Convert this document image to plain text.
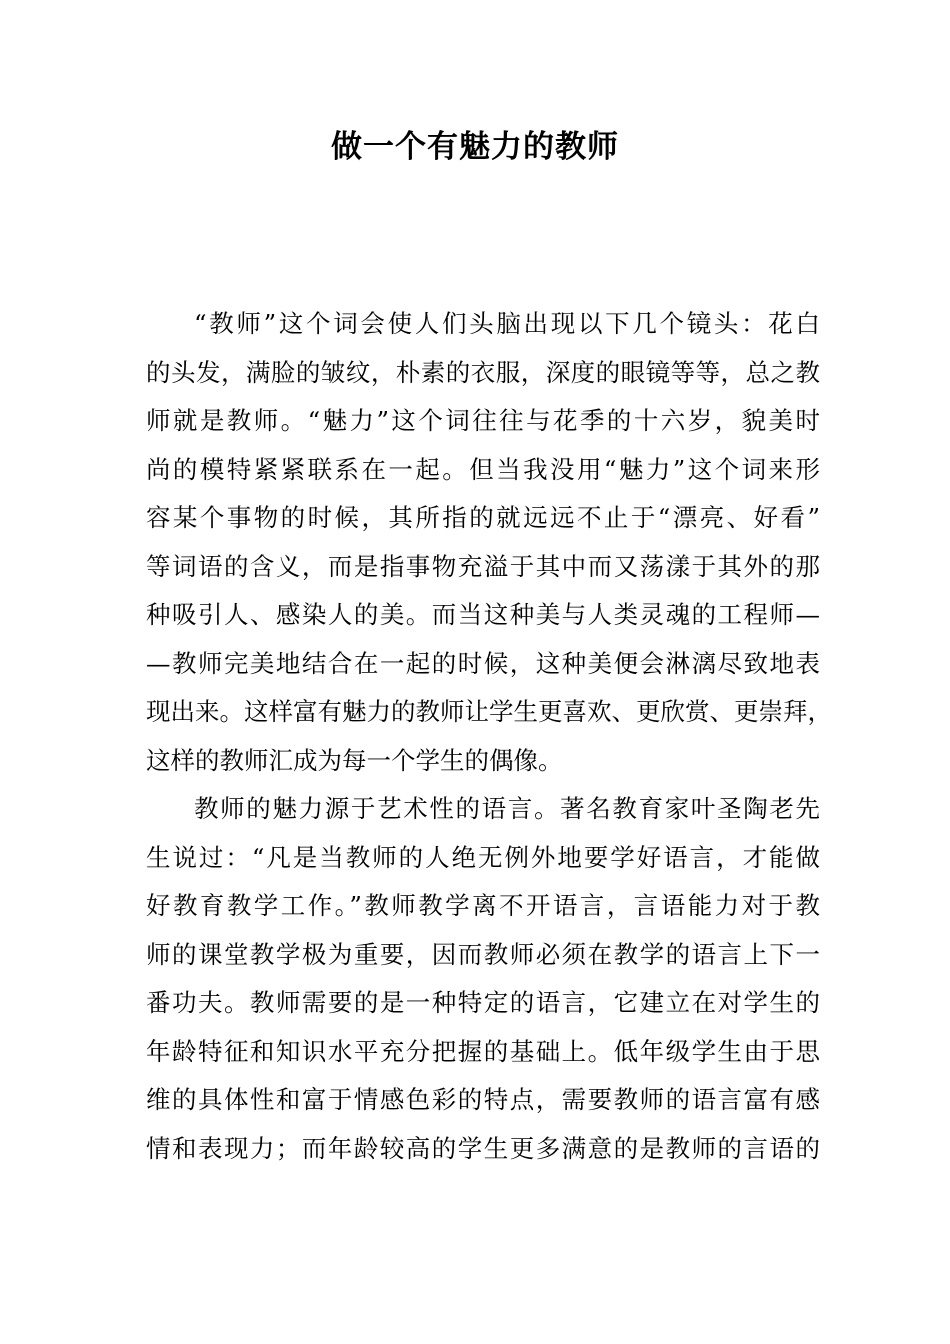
做一个有魅力的教师
“教师”这个词会使人们头脑出现以下几个镜头：花白
的头发，满脸的皱纹，朴素的衣服，深度的眼镜等等，总之教
师就是教师。“魅力”这个词往往与花季的十六岁，貌美时
尚的模特紧紧联系在一起。但当我没用“魅力”这个词来形
容某个事物的时候，其所指的就远远不止于“漂亮、好看”
等词语的含义，而是指事物充溢于其中而又荡漾于其外的那
种吸引人、感染人的美。而当这种美与人类灵魂的工程师—
—教师完美地结合在一起的时候，这种美便会淋漓尽致地表
现出来。这样富有魅力的教师让学生更喜欢、更欣赏、更崇拜，
这样的教师汇成为每一个学生的偶像。
教师的魅力源于艺术性的语言。著名教育家叶圣陶老先
生说过：“凡是当教师的人绝无例外地要学好语言，才能做
好教育教学工作。”教师教学离不开语言，言语能力对于教
师的课堂教学极为重要，因而教师必须在教学的语言上下一
番功夫。教师需要的是一种特定的语言，它建立在对学生的
年龄特征和知识水平充分把握的基础上。低年级学生由于思
维的具体性和富于情感色彩的特点，需要教师的语言富有感
情和表现力；而年龄较高的学生更多满意的是教师的言语的
